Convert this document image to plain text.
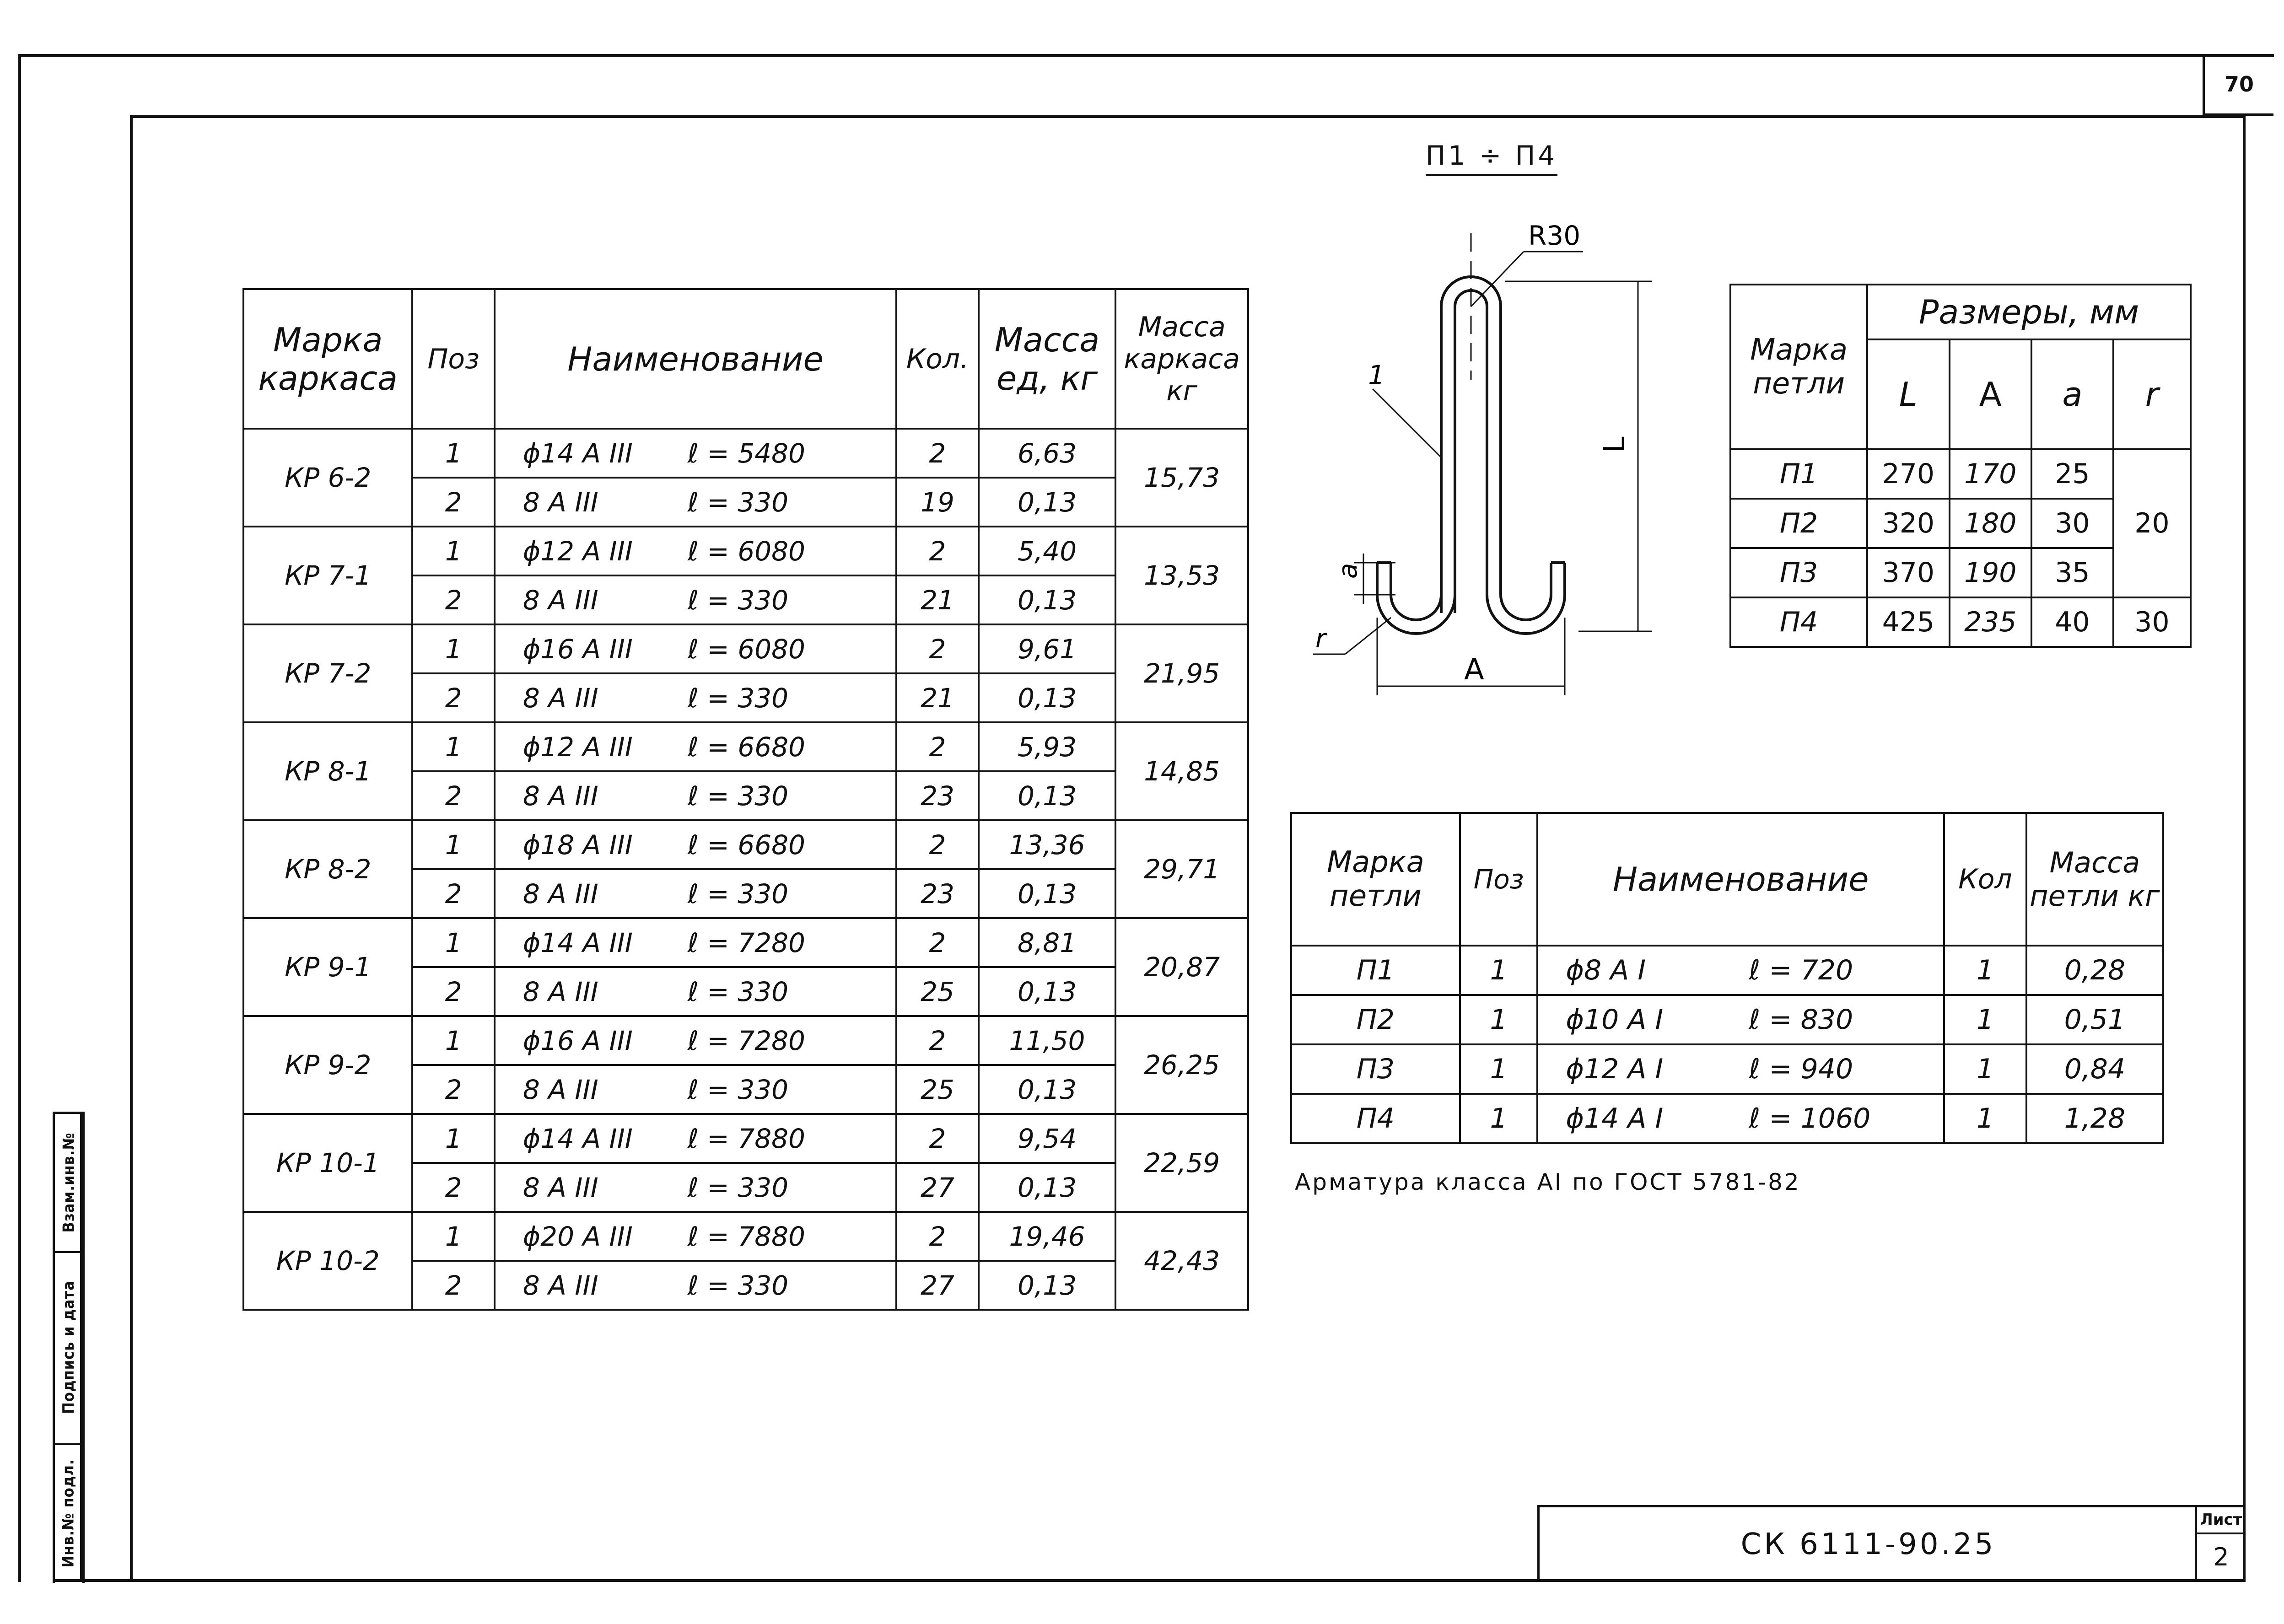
70
Взам.инв.№
Подпись и дата
Инв.№ подл.
П1 ÷ П4
Марка каркаса	Поз	Наименование	Кол.	Масса ед, кг	Масса каркаса кг
КР 6-2	1	ϕ14 А III ℓ = 5480	2	6,63	15,73
	2	8 А III ℓ = 330	19	0,13	
КР 7-1	1	ϕ12 А III ℓ = 6080	2	5,40	13,53
	2	8 А III ℓ = 330	21	0,13	
КР 7-2	1	ϕ16 А III ℓ = 6080	2	9,61	21,95
	2	8 А III ℓ = 330	21	0,13	
КР 8-1	1	ϕ12 А III ℓ = 6680	2	5,93	14,85
	2	8 А III ℓ = 330	23	0,13	
КР 8-2	1	ϕ18 А III ℓ = 6680	2	13,36	29,71
	2	8 А III ℓ = 330	23	0,13	
КР 9-1	1	ϕ14 А III ℓ = 7280	2	8,81	20,87
	2	8 А III ℓ = 330	25	0,13	
КР 9-2	1	ϕ16 А III ℓ = 7280	2	11,50	26,25
	2	8 А III ℓ = 330	25	0,13	
КР 10-1	1	ϕ14 А III ℓ = 7880	2	9,54	22,59
	2	8 А III ℓ = 330	27	0,13	
КР 10-2	1	ϕ20 А III ℓ = 7880	2	19,46	42,43
	2	8 А III ℓ = 330	27	0,13	
R30
1
L
A
a
r
Марка петли	Размеры, мм			
	L	A	a	r
П1	270	170	25	20
П2	320	180	30	
П3	370	190	35	
П4	425	235	40	30
Марка петли	Поз	Наименование	Кол	Масса петли кг
П1	1	ϕ8 А I ℓ = 720	1	0,28
П2	1	ϕ10 А I ℓ = 830	1	0,51
П3	1	ϕ12 А I ℓ = 940	1	0,84
П4	1	ϕ14 А I ℓ = 1060	1	1,28
Арматура класса АI по ГОСТ 5781-82
СК 6111-90.25
Лист
2
